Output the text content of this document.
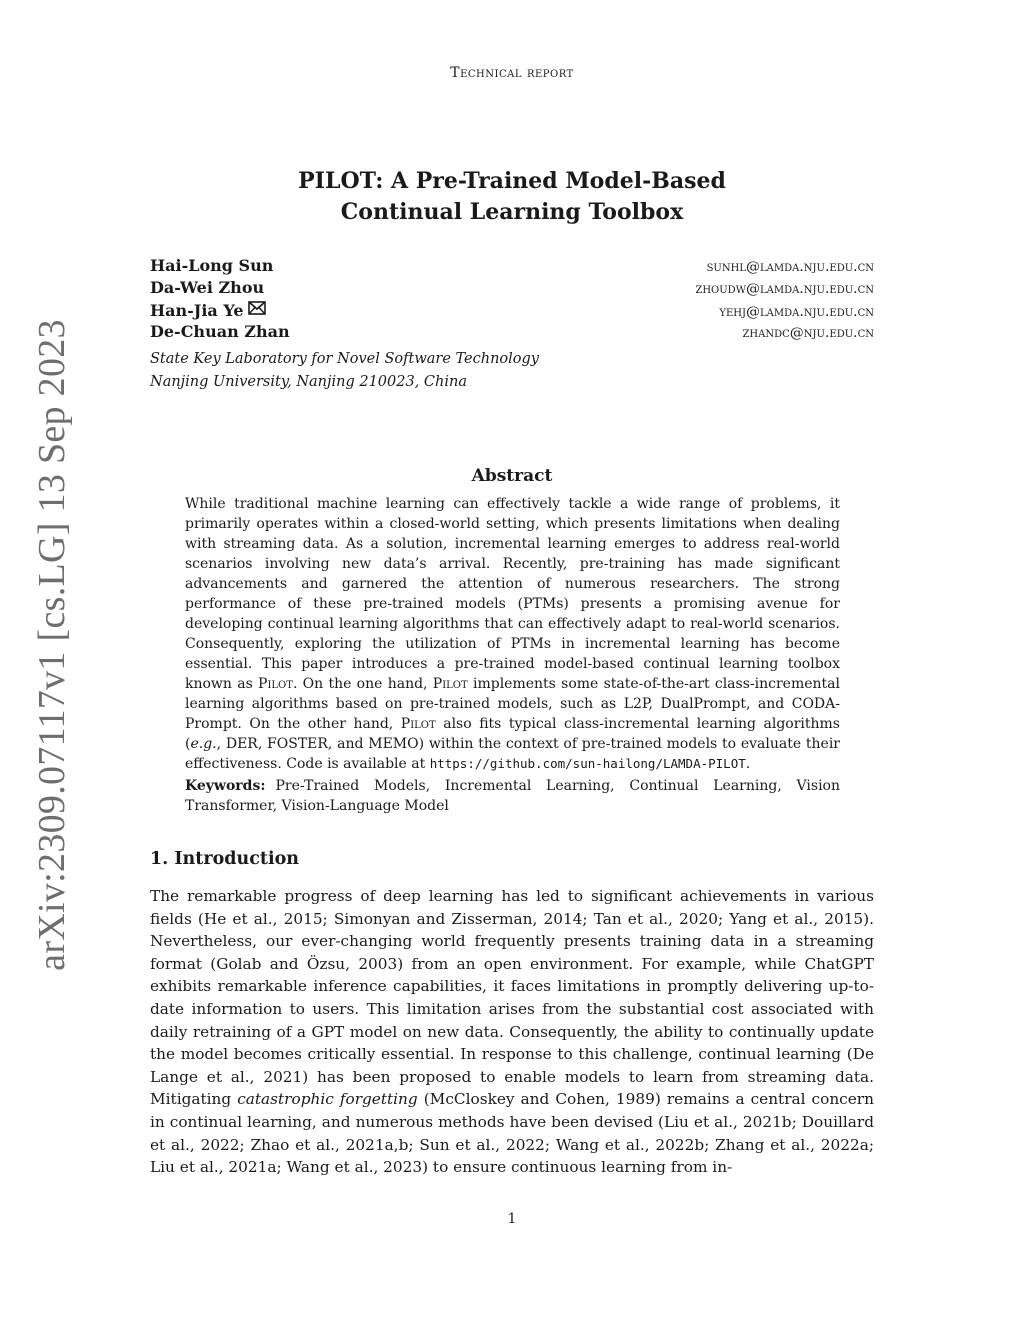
Technical report
PILOT: A Pre-Trained Model-Based
Continual Learning Toolbox
Hai-Long Sun	sunhl@lamda.nju.edu.cn
Da-Wei Zhou	zhoudw@lamda.nju.edu.cn
Han-Jia Ye	yehj@lamda.nju.edu.cn
De-Chuan Zhan	zhandc@nju.edu.cn
State Key Laboratory for Novel Software Technology
Nanjing University, Nanjing 210023, China
Abstract

While traditional machine learning can effectively tackle a wide range of problems, it primarily operates within a closed-world setting, which presents limitations when dealing with streaming data. As a solution, incremental learning emerges to address real-world scenarios involving new data’s arrival. Recently, pre-training has made significant advancements and garnered the attention of numerous researchers. The strong performance of these pre-trained models (PTMs) presents a promising avenue for developing continual learning algorithms that can effectively adapt to real-world scenarios. Consequently, exploring the utilization of PTMs in incremental learning has become essential. This paper introduces a pre-trained model-based continual learning toolbox known as Pilot. On the one hand, Pilot implements some state-of-the-art class-incremental learning algorithms based on pre-trained models, such as L2P, DualPrompt, and CODA-Prompt. On the other hand, Pilot also fits typical class-incremental learning algorithms (e.g., DER, FOSTER, and MEMO) within the context of pre-trained models to evaluate their effectiveness. Code is available at https://github.com/sun-hailong/LAMDA-PILOT.

Keywords: Pre-Trained Models, Incremental Learning, Continual Learning, Vision Transformer, Vision-Language Model
1. Introduction

The remarkable progress of deep learning has led to significant achievements in various fields (He et al., 2015; Simonyan and Zisserman, 2014; Tan et al., 2020; Yang et al., 2015). Nevertheless, our ever-changing world frequently presents training data in a streaming format (Golab and Özsu, 2003) from an open environment. For example, while ChatGPT exhibits remarkable inference capabilities, it faces limitations in promptly delivering up-to-date information to users. This limitation arises from the substantial cost associated with daily retraining of a GPT model on new data. Consequently, the ability to continually update the model becomes critically essential. In response to this challenge, continual learning (De Lange et al., 2021) has been proposed to enable models to learn from streaming data. Mitigating catastrophic forgetting (McCloskey and Cohen, 1989) remains a central concern in continual learning, and numerous methods have been devised (Liu et al., 2021b; Douillard et al., 2022; Zhao et al., 2021a,b; Sun et al., 2022; Wang et al., 2022b; Zhang et al., 2022a; Liu et al., 2021a; Wang et al., 2023) to ensure continuous learning from in-

1
arXiv:2309.07117v1 [cs.LG] 13 Sep 2023
